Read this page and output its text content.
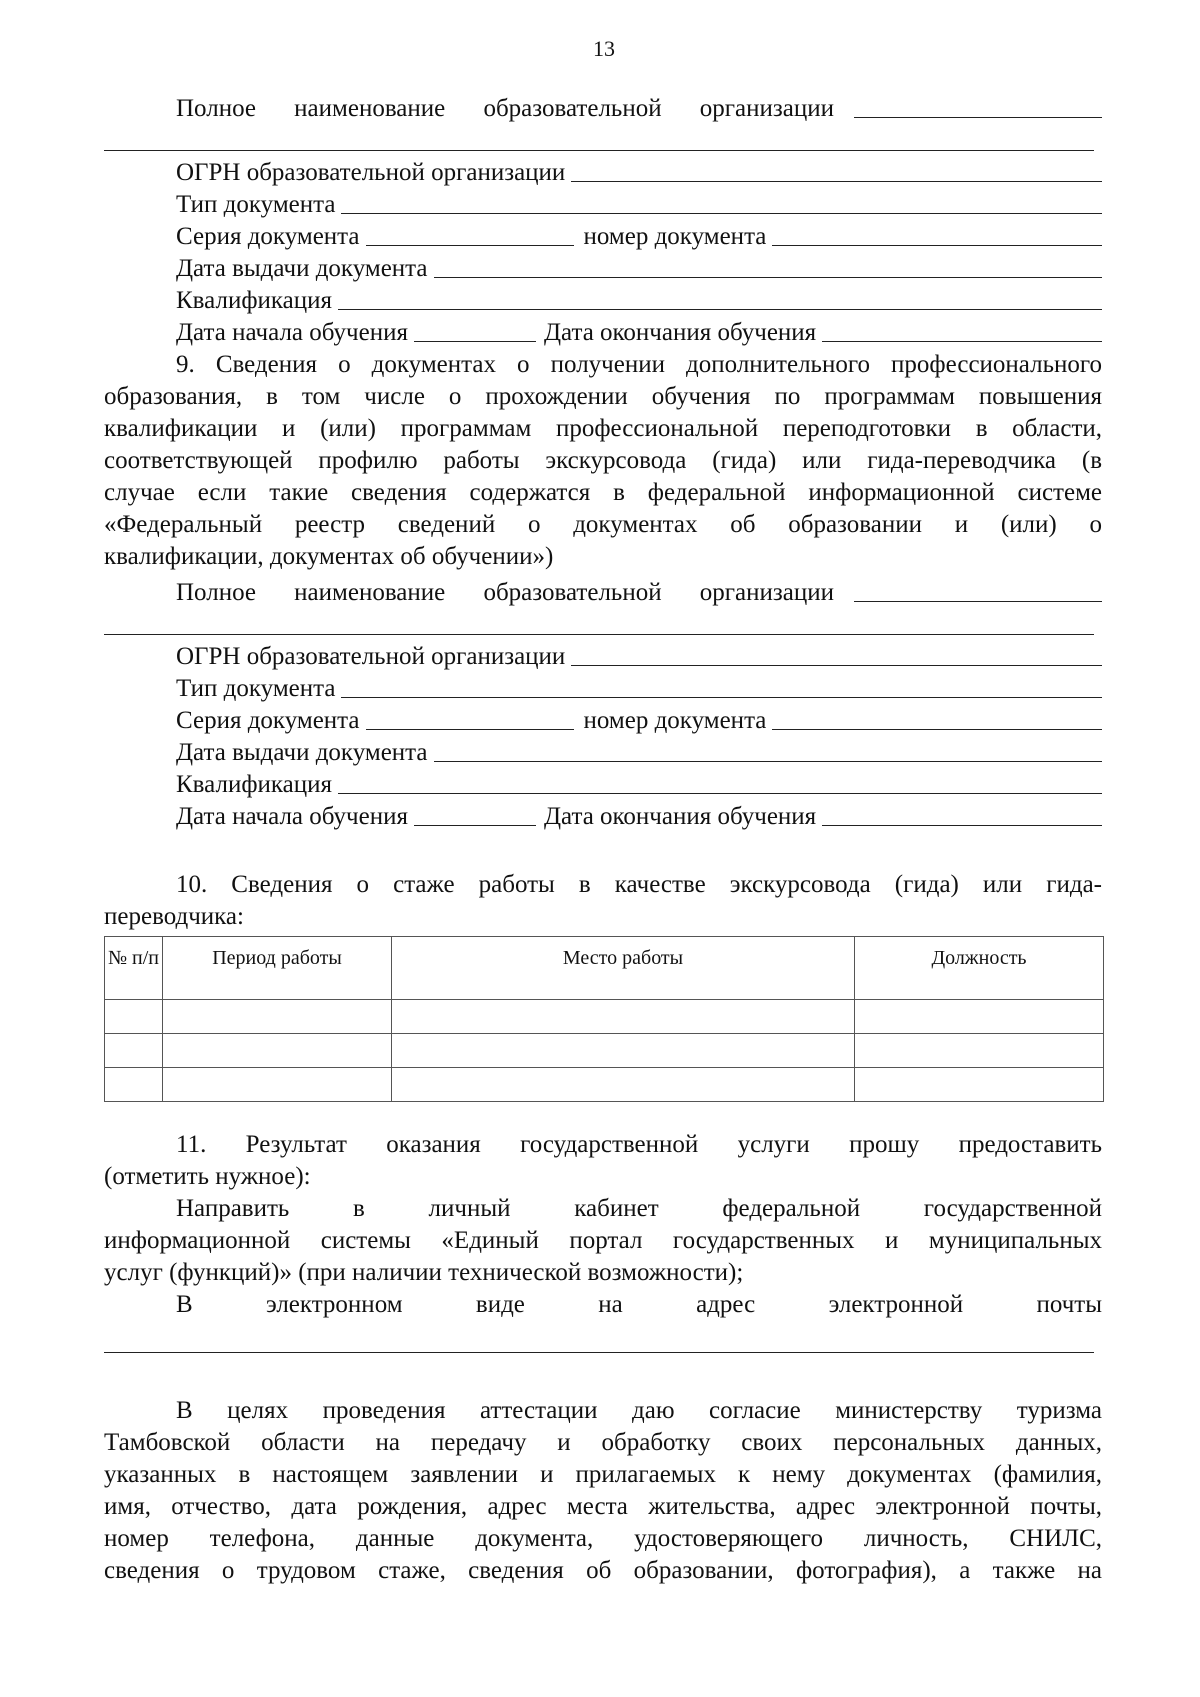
13
Полное наименование образовательной организации
ОГРН образовательной организации
Тип документа
Серия документа	номер документа
Дата выдачи документа
Квалификация
Дата начала обучения	Дата окончания обучения
9. Сведения о документах о получении дополнительного профессионального
образования, в том числе о прохождении обучения по программам повышения
квалификации и (или) программам профессиональной переподготовки в области,
соответствующей профилю работы экскурсовода (гида) или гида-переводчика (в
случае если такие сведения содержатся в федеральной информационной системе
«Федеральный реестр сведений о документах об образовании и (или) о
квалификации, документах об обучении»)
Полное наименование образовательной организации
ОГРН образовательной организации
Тип документа
Серия документа	номер документа
Дата выдачи документа
Квалификация
Дата начала обучения	Дата окончания обучения
10. Сведения о стаже работы в качестве экскурсовода (гида) или гида-
переводчика:
№ п/п	Период работы	Место работы	Должность

11. Результат оказания государственной услуги прошу предоставить
(отметить нужное):
Направить в личный кабинет федеральной государственной
информационной системы «Единый портал государственных и муниципальных
услуг (функций)» (при наличии технической возможности);
В электронном виде на адрес электронной почты
В целях проведения аттестации даю согласие министерству туризма
Тамбовской области на передачу и обработку своих персональных данных,
указанных в настоящем заявлении и прилагаемых к нему документах (фамилия,
имя, отчество, дата рождения, адрес места жительства, адрес электронной почты,
номер телефона, данные документа, удостоверяющего личность, СНИЛС,
сведения о трудовом стаже, сведения об образовании, фотография), а также на
